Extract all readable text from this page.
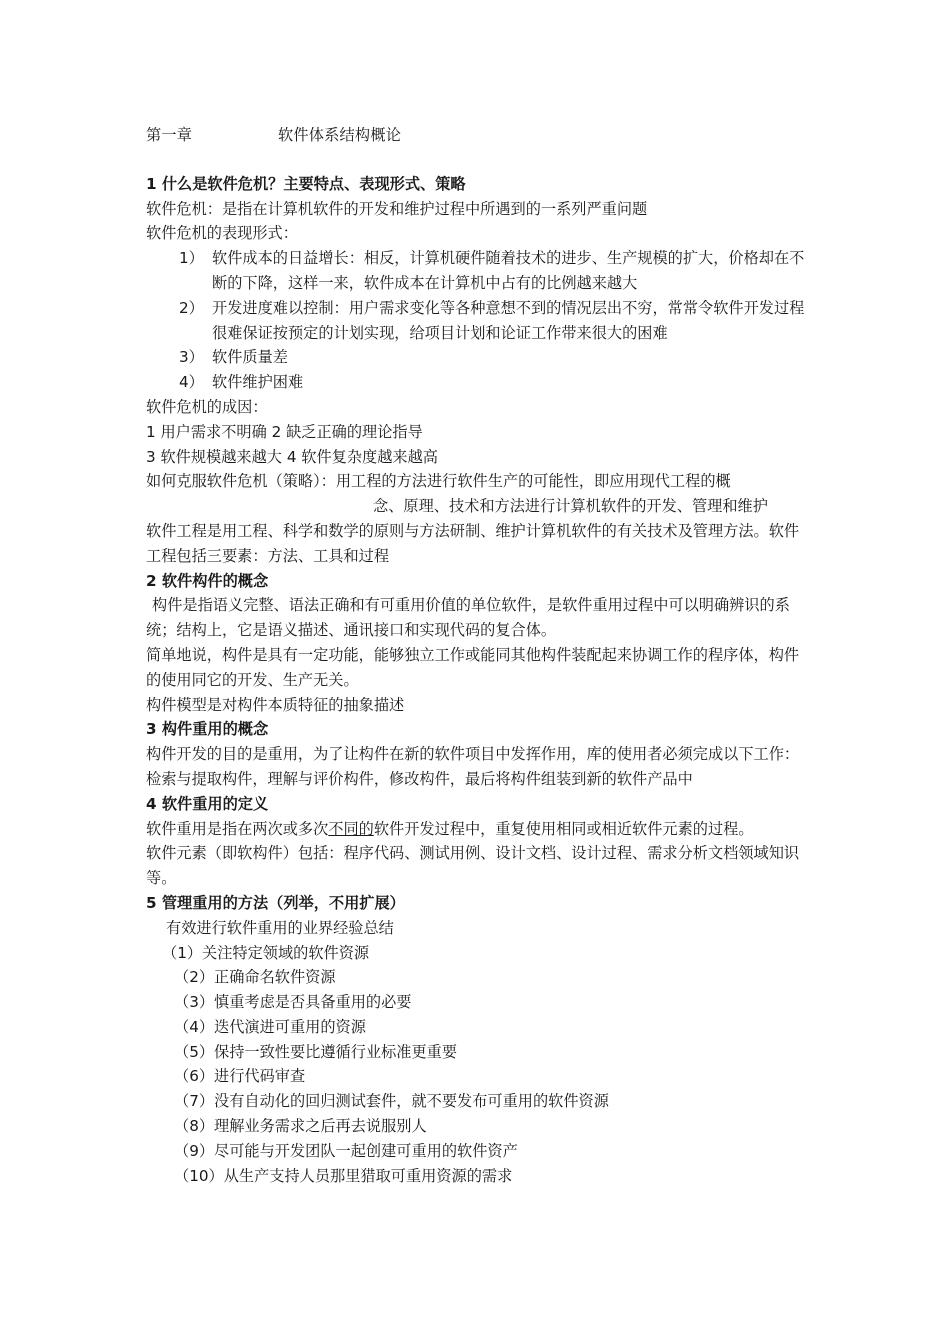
第一章	软件体系结构概论

1 什么是软件危机？主要特点、表现形式、策略

软件危机：是指在计算机软件的开发和维护过程中所遇到的一系列严重问题

软件危机的表现形式：

1） 软件成本的日益增长：相反，计算机硬件随着技术的进步、生产规模的扩大，价格却在不断的下降，这样一来，软件成本在计算机中占有的比例越来越大
2） 开发进度难以控制：用户需求变化等各种意想不到的情况层出不穷，常常令软件开发过程很难保证按预定的计划实现，给项目计划和论证工作带来很大的困难
3） 软件质量差
4） 软件维护困难

软件危机的成因：

1 用户需求不明确 2 缺乏正确的理论指导

3 软件规模越来越大 4 软件复杂度越来越高

如何克服软件危机（策略）：用工程的方法进行软件生产的可能性，即应用现代工程的概

念、原理、技术和方法进行计算机软件的开发、管理和维护

软件工程是用工程、科学和数学的原则与方法研制、维护计算机软件的有关技术及管理方法。软件工程包括三要素：方法、工具和过程

2 软件构件的概念

构件是指语义完整、语法正确和有可重用价值的单位软件，是软件重用过程中可以明确辨识的系统；结构上，它是语义描述、通讯接口和实现代码的复合体。

简单地说，构件是具有一定功能，能够独立工作或能同其他构件装配起来协调工作的程序体，构件的使用同它的开发、生产无关。

构件模型是对构件本质特征的抽象描述

3 构件重用的概念

构件开发的目的是重用，为了让构件在新的软件项目中发挥作用，库的使用者必须完成以下工作：检索与提取构件，理解与评价构件，修改构件，最后将构件组装到新的软件产品中

4 软件重用的定义

软件重用是指在两次或多次不同的软件开发过程中，重复使用相同或相近软件元素的过程。

软件元素（即软构件）包括：程序代码、测试用例、设计文档、设计过程、需求分析文档领域知识等。

5 管理重用的方法（列举，不用扩展）

有效进行软件重用的业界经验总结

（1）关注特定领域的软件资源

（2）正确命名软件资源

（3）慎重考虑是否具备重用的必要

（4）迭代演进可重用的资源

（5）保持一致性要比遵循行业标准更重要

（6）进行代码审查

（7）没有自动化的回归测试套件，就不要发布可重用的软件资源

（8）理解业务需求之后再去说服别人

（9）尽可能与开发团队一起创建可重用的软件资产

（10）从生产支持人员那里猎取可重用资源的需求
